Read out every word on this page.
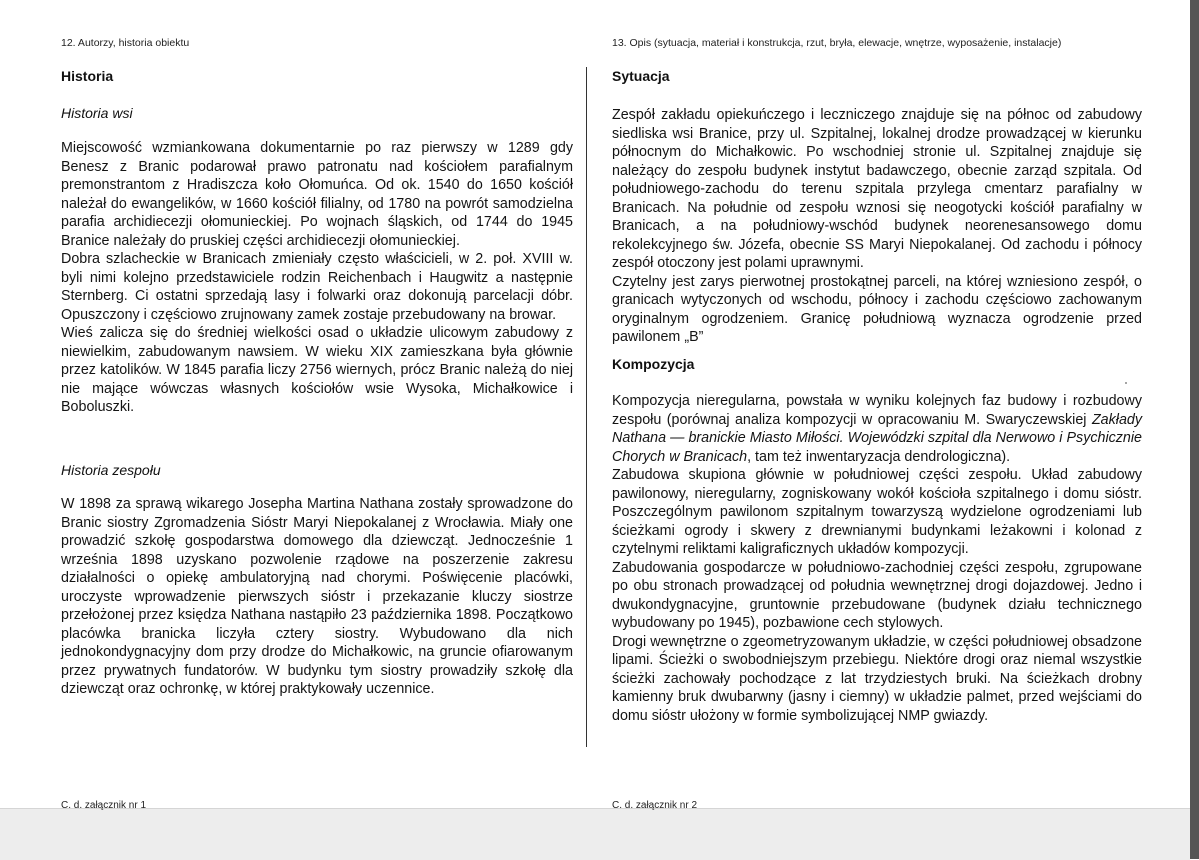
12. Autorzy, historia obiektu
Historia
Historia wsi

Miejscowość wzmiankowana dokumentarnie po raz pierwszy w 1289 gdy Benesz z Branic podarował prawo patronatu nad kościołem parafialnym premonstrantom z Hradiszcza koło Ołomuńca. Od ok. 1540 do 1650 kościół należał do ewangelików, w 1660 kościół filialny, od 1780 na powrót samodzielna parafia archidiecezji ołomunieckiej. Po wojnach śląskich, od 1744 do 1945 Branice należały do pruskiej części archidiecezji ołomunieckiej.

Dobra szlacheckie w Branicach zmieniały często właścicieli, w 2. poł. XVIII w. byli nimi kolejno przedstawiciele rodzin Reichenbach i Haugwitz a następnie Sternberg. Ci ostatni sprzedają lasy i folwarki oraz dokonują parcelacji dóbr. Opuszczony i częściowo zrujnowany zamek zostaje przebudowany na browar.

Wieś zalicza się do średniej wielkości osad o układzie ulicowym zabudowy z niewielkim, zabudowanym nawsiem. W wieku XIX zamieszkana była głównie przez katolików. W 1845 parafia liczy 2756 wiernych, prócz Branic należą do niej nie mające wówczas własnych kościołów wsie Wysoka, Michałkowice i Boboluszki.

Historia zespołu

W 1898 za sprawą wikarego Josepha Martina Nathana zostały sprowadzone do Branic siostry Zgromadzenia Sióstr Maryi Niepokalanej z Wrocławia. Miały one prowadzić szkołę gospodarstwa domowego dla dziewcząt. Jednocześnie 1 września 1898 uzyskano pozwolenie rządowe na poszerzenie zakresu działalności o opiekę ambulatoryjną nad chorymi. Poświęcenie placówki, uroczyste wprowadzenie pierwszych sióstr i przekazanie kluczy siostrze przełożonej przez księdza Nathana nastąpiło 23 października 1898. Początkowo placówka branicka liczyła cztery siostry. Wybudowano dla nich jednokondygnacyjny dom przy drodze do Michałkowic, na gruncie ofiarowanym przez prywatnych fundatorów. W budynku tym siostry prowadziły szkołę dla dziewcząt oraz ochronkę, w której praktykowały uczennice.

C. d. załącznik nr 1
13. Opis (sytuacja, materiał i konstrukcja, rzut, bryła, elewacje, wnętrze, wyposażenie, instalacje)
Sytuacja

Zespół zakładu opiekuńczego i leczniczego znajduje się na północ od zabudowy siedliska wsi Branice, przy ul. Szpitalnej, lokalnej drodze prowadzącej w kierunku północnym do Michałkowic. Po wschodniej stronie ul. Szpitalnej znajduje się należący do zespołu budynek instytut badawczego, obecnie zarząd szpitala. Od południowego-zachodu do terenu szpitala przylega cmentarz parafialny w Branicach. Na południe od zespołu wznosi się neogotycki kościół parafialny w Branicach, a na południowy-wschód budynek neorenesansowego domu rekolekcyjnego św. Józefa, obecnie SS Maryi Niepokalanej. Od zachodu i północy zespół otoczony jest polami uprawnymi.

Czytelny jest zarys pierwotnej prostokątnej parceli, na której wzniesiono zespół, o granicach wytyczonych od wschodu, północy i zachodu częściowo zachowanym oryginalnym ogrodzeniem. Granicę południową wyznacza ogrodzenie przed pawilonem „B”

Kompozycja

Kompozycja nieregularna, powstała w wyniku kolejnych faz budowy i rozbudowy zespołu (porównaj analiza kompozycji w opracowaniu M. Swaryczewskiej Zakłady Nathana — branickie Miasto Miłości. Wojewódzki szpital dla Nerwowo i Psychicznie Chorych w Branicach, tam też inwentaryzacja dendrologiczna).

Zabudowa skupiona głównie w południowej części zespołu. Układ zabudowy pawilonowy, nieregularny, zogniskowany wokół kościoła szpitalnego i domu sióstr. Poszczególnym pawilonom szpitalnym towarzyszą wydzielone ogrodzeniami lub ścieżkami ogrody i skwery z drewnianymi budynkami leżakowni i kolonad z czytelnymi reliktami kaligraficznych układów kompozycji.

Zabudowania gospodarcze w południowo-zachodniej części zespołu, zgrupowane po obu stronach prowadzącej od południa wewnętrznej drogi dojazdowej. Jedno i dwukondygnacyjne, gruntownie przebudowane (budynek działu technicznego wybudowany po 1945), pozbawione cech stylowych.

Drogi wewnętrzne o zgeometryzowanym układzie, w części południowej obsadzone lipami. Ścieżki o swobodniejszym przebiegu. Niektóre drogi oraz niemal wszystkie ścieżki zachowały pochodzące z lat trzydziestych bruki. Na ścieżkach drobny kamienny bruk dwubarwny (jasny i ciemny) w układzie palmet, przed wejściami do domu sióstr ułożony w formie symbolizującej NMP gwiazdy.

C. d. załącznik nr 2
